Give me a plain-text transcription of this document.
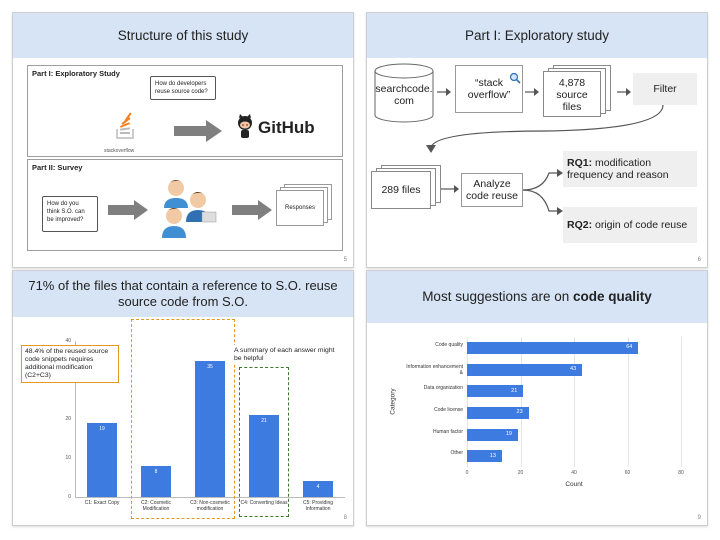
Structure of this study
Part I: Exploratory Study
How do developers reuse source code?
stackoverflow
GitHub
Part II: Survey
How do you think S.O. can be improved?
Responses
5
Part I: Exploratory study
searchcode.
com
“stack
overflow”
4,878
source
files
Filter
289 files	Analyze
code reuse
RQ1: modification frequency and reason
RQ2: origin of code reuse
6
71% of the files that contain a reference to S.O. reuse source code from S.O.
0
10
20
40
19
C1: Exact Copy
8
C2: Cosmetic Modification
35
C3: Non-cosmetic modification
21
C4: Converting Ideas
4
C5: Providing Information
48.4% of the reused source code snippets requires additional modification (C2+C3)
A summary of each answer might be helpful
8
Most suggestions are on
code quality
0	20	40	60	80
64
Code quality
43
Information enhancement &
21
Data organization
23
Code license
19
Human factor
13
Other
Count
Category
9
